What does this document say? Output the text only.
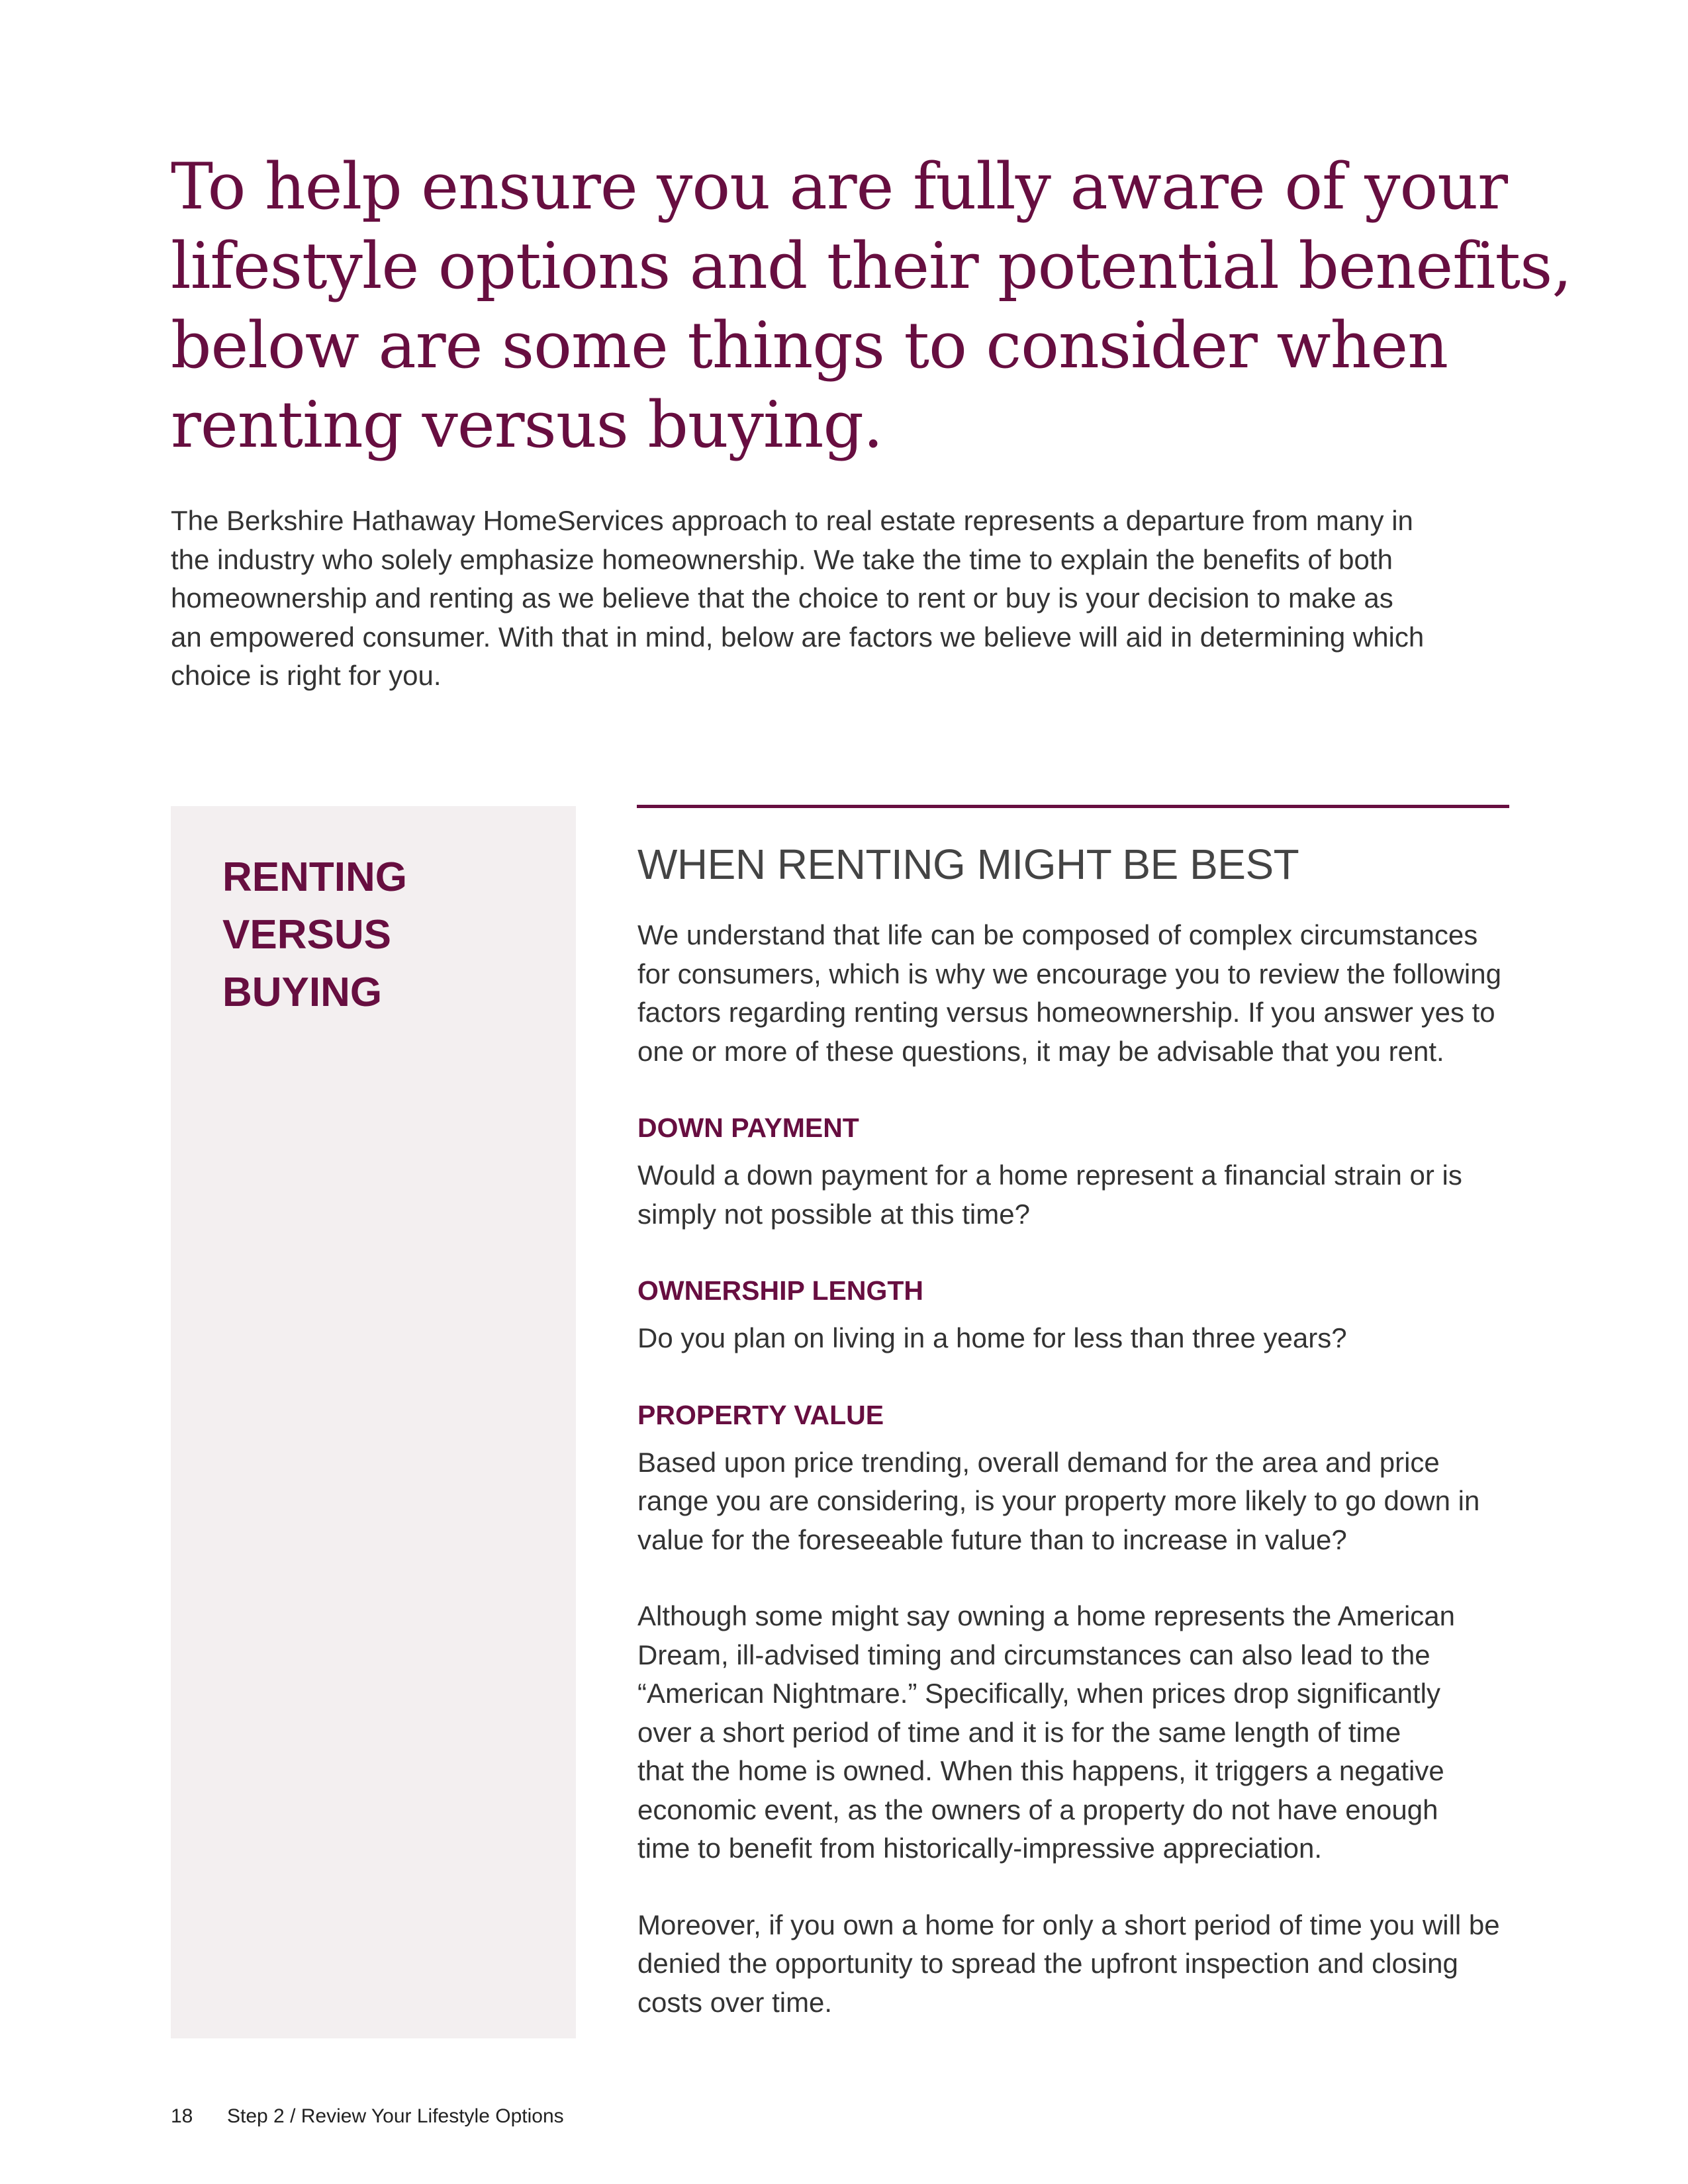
To help ensure you are fully aware of your
lifestyle options and their potential benefits,
below are some things to consider when
renting versus buying.

The Berkshire Hathaway HomeServices approach to real estate represents a departure from many in
the industry who solely emphasize homeownership. We take the time to explain the benefits of both
homeownership and renting as we believe that the choice to rent or buy is your decision to make as
an empowered consumer. With that in mind, below are factors we believe will aid in determining which
choice is right for you.

RENTING
VERSUS
BUYING
WHEN RENTING MIGHT BE BEST

We understand that life can be composed of complex circumstances
for consumers, which is why we encourage you to review the following
factors regarding renting versus homeownership. If you answer yes to
one or more of these questions, it may be advisable that you rent.

DOWN PAYMENT

Would a down payment for a home represent a financial strain or is
simply not possible at this time?

OWNERSHIP LENGTH

Do you plan on living in a home for less than three years?

PROPERTY VALUE

Based upon price trending, overall demand for the area and price
range you are considering, is your property more likely to go down in
value for the foreseeable future than to increase in value?

Although some might say owning a home represents the American
Dream, ill-advised timing and circumstances can also lead to the
“American Nightmare.” Specifically, when prices drop significantly
over a short period of time and it is for the same length of time
that the home is owned. When this happens, it triggers a negative
economic event, as the owners of a property do not have enough
time to benefit from historically-impressive appreciation.

Moreover, if you own a home for only a short period of time you will be
denied the opportunity to spread the upfront inspection and closing
costs over time.

18 Step 2 / Review Your Lifestyle Options
